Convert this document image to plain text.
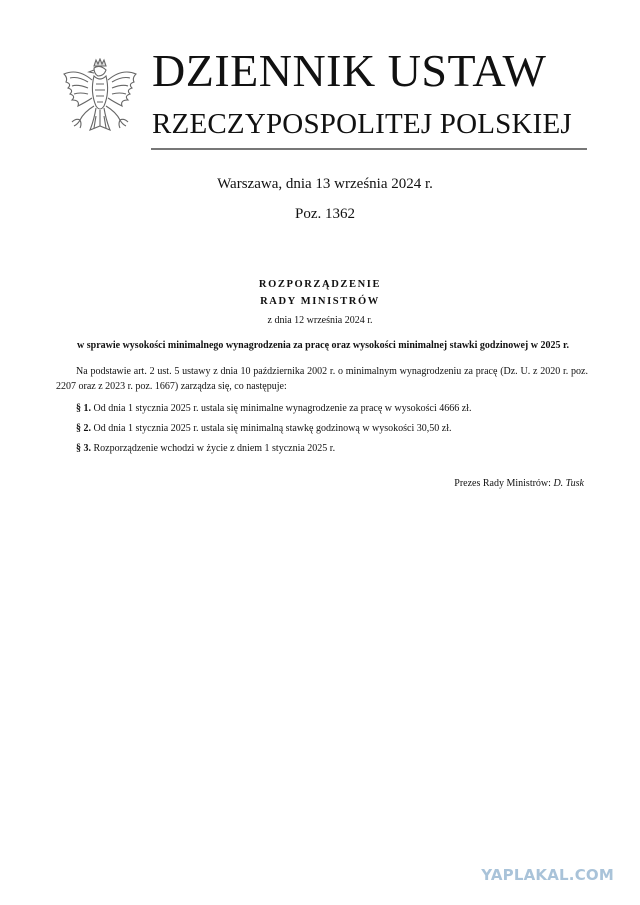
DZIENNIK USTAW
RZECZYPOSPOLITEJ POLSKIEJ
Warszawa, dnia 13 września 2024 r.
Poz. 1362
ROZPORZĄDZENIE
RADY MINISTRÓW
z dnia 12 września 2024 r.
w sprawie wysokości minimalnego wynagrodzenia za pracę oraz wysokości minimalnej stawki godzinowej w 2025 r.
Na podstawie art. 2 ust. 5 ustawy z dnia 10 października 2002 r. o minimalnym wynagrodzeniu za pracę (Dz. U. z 2020 r. poz. 2207 oraz z 2023 r. poz. 1667) zarządza się, co następuje:
§ 1. Od dnia 1 stycznia 2025 r. ustala się minimalne wynagrodzenie za pracę w wysokości 4666 zł.
§ 2. Od dnia 1 stycznia 2025 r. ustala się minimalną stawkę godzinową w wysokości 30,50 zł.
§ 3. Rozporządzenie wchodzi w życie z dniem 1 stycznia 2025 r.
Prezes Rady Ministrów: D. Tusk
YAPLAKAL.COM
